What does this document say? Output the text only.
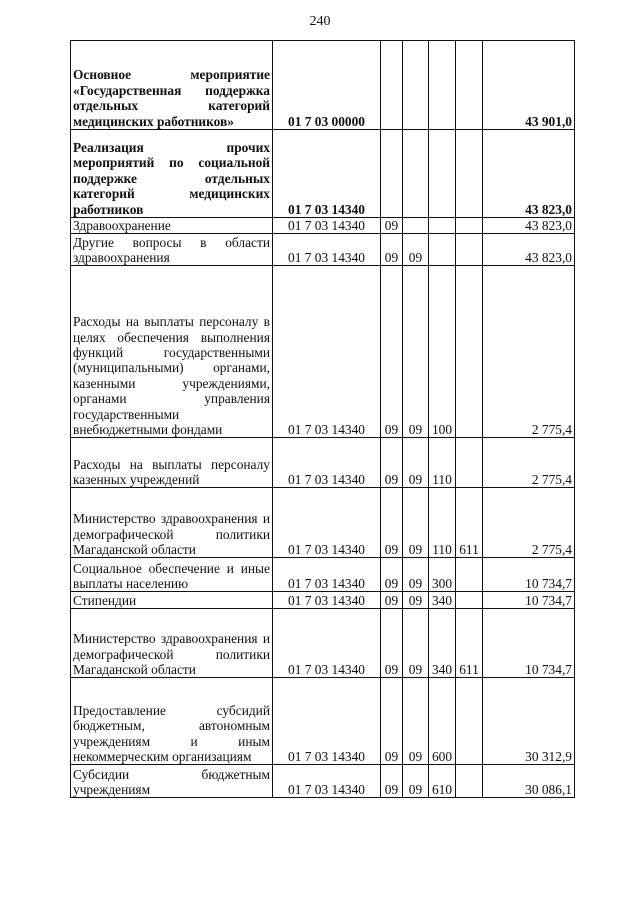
240
Основное мероприятие «Государственная поддержка отдельных категорий медицинских работников»	01 7 03 00000					43 901,0
Реализация прочих мероприятий по социальной поддержке отдельных категорий медицинских работников	01 7 03 14340					43 823,0
Здравоохранение	01 7 03 14340	09				43 823,0
Другие вопросы в области здравоохранения	01 7 03 14340	09	09			43 823,0
Расходы на выплаты персоналу в целях обеспечения выполнения функций государственными (муниципальными) органами, казенными учреждениями, органами управления государственными внебюджетными фондами	01 7 03 14340	09	09	100		2 775,4
Расходы на выплаты персоналу казенных учреждений	01 7 03 14340	09	09	110		2 775,4
Министерство здравоохранения и демографической политики Магаданской области	01 7 03 14340	09	09	110	611	2 775,4
Социальное обеспечение и иные выплаты населению	01 7 03 14340	09	09	300		10 734,7
Стипендии	01 7 03 14340	09	09	340		10 734,7
Министерство здравоохранения и демографической политики Магаданской области	01 7 03 14340	09	09	340	611	10 734,7
Предоставление субсидий бюджетным, автономным учреждениям и иным некоммерческим организациям	01 7 03 14340	09	09	600		30 312,9
Субсидии бюджетным учреждениям	01 7 03 14340	09	09	610		30 086,1
